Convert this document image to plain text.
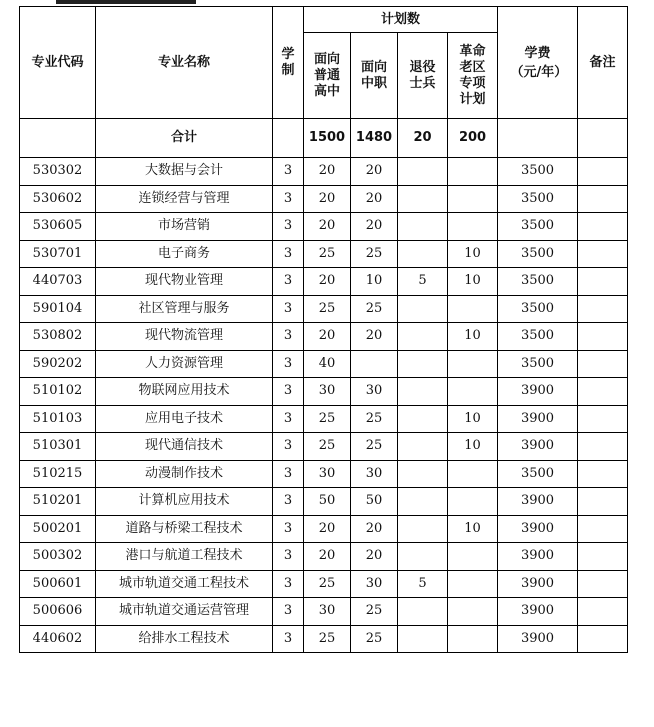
专业代码	专业名称	学制	计划数				学费（元/年）	备注

			面向普通高中	面向中职	退役士兵	革命老区专项计划		

	合计		1500	1480	20	200		
530302	大数据与会计	3	20	20			3500	
530602	连锁经营与管理	3	20	20			3500	
530605	市场营销	3	20	20			3500	
530701	电子商务	3	25	25		10	3500	
440703	现代物业管理	3	20	10	5	10	3500	
590104	社区管理与服务	3	25	25			3500	
530802	现代物流管理	3	20	20		10	3500	
590202	人力资源管理	3	40				3500	
510102	物联网应用技术	3	30	30			3900	
510103	应用电子技术	3	25	25		10	3900	
510301	现代通信技术	3	25	25		10	3900	
510215	动漫制作技术	3	30	30			3500	
510201	计算机应用技术	3	50	50			3900	
500201	道路与桥梁工程技术	3	20	20		10	3900	
500302	港口与航道工程技术	3	20	20			3900	
500601	城市轨道交通工程技术	3	25	30	5		3900	
500606	城市轨道交通运营管理	3	30	25			3900	
440602	给排水工程技术	3	25	25			3900	
